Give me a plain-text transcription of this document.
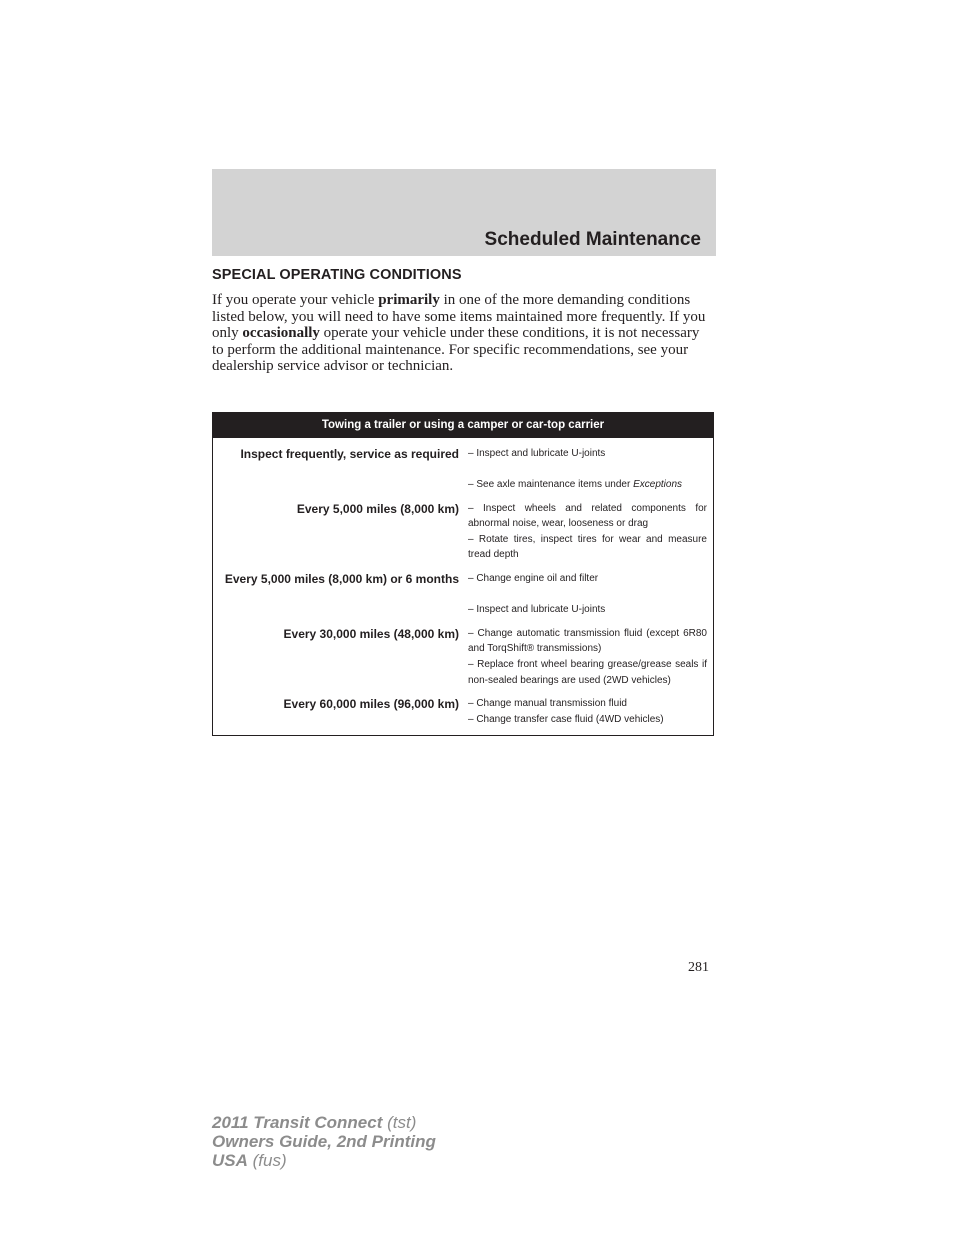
Scheduled Maintenance
SPECIAL OPERATING CONDITIONS
If you operate your vehicle primarily in one of the more demanding conditions listed below, you will need to have some items maintained more frequently. If you only occasionally operate your vehicle under these conditions, it is not necessary to perform the additional maintenance. For specific recommendations, see your dealership service advisor or technician.
Towing a trailer or using a camper or car-top carrier
Inspect frequently, service as required – Inspect and lubricate U-joints
– See axle maintenance items under Exceptions
Every 5,000 miles (8,000 km) – Inspect wheels and related components for abnormal noise, wear, looseness or drag
– Rotate tires, inspect tires for wear and measure tread depth
Every 5,000 miles (8,000 km) or 6 months – Change engine oil and filter
– Inspect and lubricate U-joints
Every 30,000 miles (48,000 km) – Change automatic transmission fluid (except 6R80 and TorqShift® transmissions)
– Replace front wheel bearing grease/grease seals if non-sealed bearings are used (2WD vehicles)
Every 60,000 miles (96,000 km) – Change manual transmission fluid
– Change transfer case fluid (4WD vehicles)
281
2011 Transit Connect (tst)
Owners Guide, 2nd Printing
USA (fus)
